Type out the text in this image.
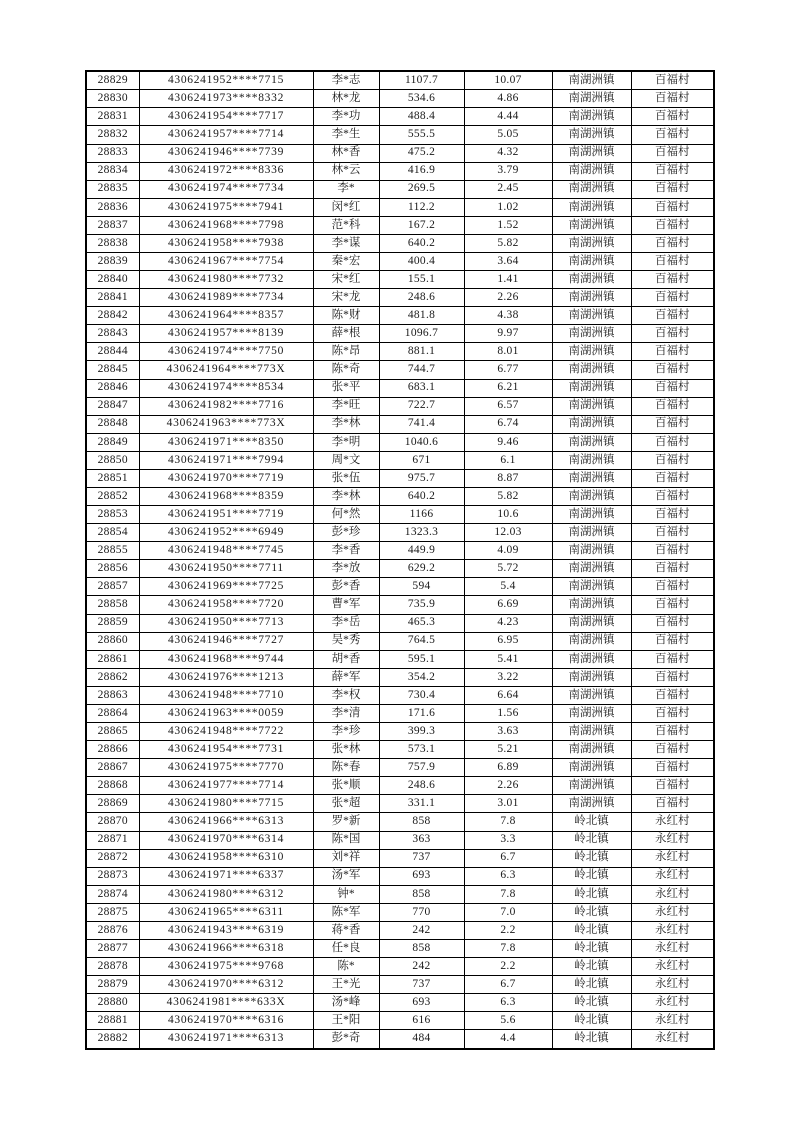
28829	4306241952****7715	李*志	1107.7	10.07	南湖洲镇	百福村
28830	4306241973****8332	林*龙	534.6	4.86	南湖洲镇	百福村
28831	4306241954****7717	李*功	488.4	4.44	南湖洲镇	百福村
28832	4306241957****7714	李*生	555.5	5.05	南湖洲镇	百福村
28833	4306241946****7739	林*香	475.2	4.32	南湖洲镇	百福村
28834	4306241972****8336	林*云	416.9	3.79	南湖洲镇	百福村
28835	4306241974****7734	李*	269.5	2.45	南湖洲镇	百福村
28836	4306241975****7941	闵*红	112.2	1.02	南湖洲镇	百福村
28837	4306241968****7798	范*科	167.2	1.52	南湖洲镇	百福村
28838	4306241958****7938	李*谋	640.2	5.82	南湖洲镇	百福村
28839	4306241967****7754	秦*宏	400.4	3.64	南湖洲镇	百福村
28840	4306241980****7732	宋*红	155.1	1.41	南湖洲镇	百福村
28841	4306241989****7734	宋*龙	248.6	2.26	南湖洲镇	百福村
28842	4306241964****8357	陈*财	481.8	4.38	南湖洲镇	百福村
28843	4306241957****8139	薛*根	1096.7	9.97	南湖洲镇	百福村
28844	4306241974****7750	陈*昂	881.1	8.01	南湖洲镇	百福村
28845	4306241964****773X	陈*奇	744.7	6.77	南湖洲镇	百福村
28846	4306241974****8534	张*平	683.1	6.21	南湖洲镇	百福村
28847	4306241982****7716	李*旺	722.7	6.57	南湖洲镇	百福村
28848	4306241963****773X	李*林	741.4	6.74	南湖洲镇	百福村
28849	4306241971****8350	李*明	1040.6	9.46	南湖洲镇	百福村
28850	4306241971****7994	周*文	671	6.1	南湖洲镇	百福村
28851	4306241970****7719	张*伍	975.7	8.87	南湖洲镇	百福村
28852	4306241968****8359	李*林	640.2	5.82	南湖洲镇	百福村
28853	4306241951****7719	何*然	1166	10.6	南湖洲镇	百福村
28854	4306241952****6949	彭*珍	1323.3	12.03	南湖洲镇	百福村
28855	4306241948****7745	李*香	449.9	4.09	南湖洲镇	百福村
28856	4306241950****7711	李*放	629.2	5.72	南湖洲镇	百福村
28857	4306241969****7725	彭*香	594	5.4	南湖洲镇	百福村
28858	4306241958****7720	曹*军	735.9	6.69	南湖洲镇	百福村
28859	4306241950****7713	李*岳	465.3	4.23	南湖洲镇	百福村
28860	4306241946****7727	吴*秀	764.5	6.95	南湖洲镇	百福村
28861	4306241968****9744	胡*香	595.1	5.41	南湖洲镇	百福村
28862	4306241976****1213	薛*军	354.2	3.22	南湖洲镇	百福村
28863	4306241948****7710	李*权	730.4	6.64	南湖洲镇	百福村
28864	4306241963****0059	李*清	171.6	1.56	南湖洲镇	百福村
28865	4306241948****7722	李*珍	399.3	3.63	南湖洲镇	百福村
28866	4306241954****7731	张*林	573.1	5.21	南湖洲镇	百福村
28867	4306241975****7770	陈*春	757.9	6.89	南湖洲镇	百福村
28868	4306241977****7714	张*顺	248.6	2.26	南湖洲镇	百福村
28869	4306241980****7715	张*超	331.1	3.01	南湖洲镇	百福村
28870	4306241966****6313	罗*新	858	7.8	岭北镇	永红村
28871	4306241970****6314	陈*国	363	3.3	岭北镇	永红村
28872	4306241958****6310	刘*祥	737	6.7	岭北镇	永红村
28873	4306241971****6337	汤*军	693	6.3	岭北镇	永红村
28874	4306241980****6312	钟*	858	7.8	岭北镇	永红村
28875	4306241965****6311	陈*军	770	7.0	岭北镇	永红村
28876	4306241943****6319	蒋*香	242	2.2	岭北镇	永红村
28877	4306241966****6318	任*良	858	7.8	岭北镇	永红村
28878	4306241975****9768	陈*	242	2.2	岭北镇	永红村
28879	4306241970****6312	王*光	737	6.7	岭北镇	永红村
28880	4306241981****633X	汤*峰	693	6.3	岭北镇	永红村
28881	4306241970****6316	王*阳	616	5.6	岭北镇	永红村
28882	4306241971****6313	彭*奇	484	4.4	岭北镇	永红村
